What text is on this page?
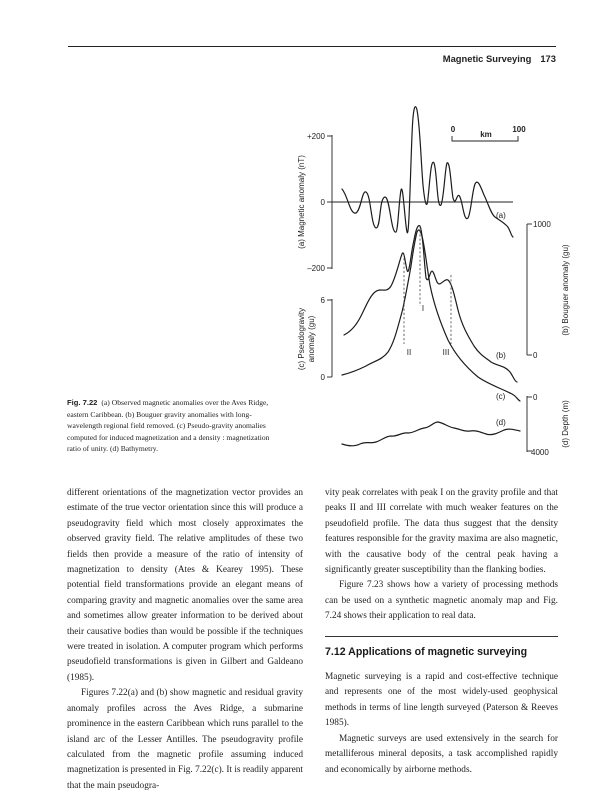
Magnetic Surveying 173
0
km
100
+200
0
–200
6
0
1000
0
0
4000
(a) Magnetic anomaly (nT)
(c) Pseudogravity anomaly (gu)
(b) Bouguer anomaly (gu)
(d) Depth (m)
(a)
(b)
(c)
(d)
I
II	III
Fig. 7.22 (a) Observed magnetic anomalies over the Aves Ridge, eastern Caribbean. (b) Bouguer gravity anomalies with long-wavelength regional field removed. (c) Pseudo-gravity anomalies computed for induced magnetization and a density : magnetization ratio of unity. (d) Bathymetry.

different orientations of the magnetization vector provides an estimate of the true vector orientation since this will produce a pseudogravity field which most closely approximates the observed gravity field. The relative amplitudes of these two fields then provide a measure of the ratio of intensity of magnetization to density (Ates & Kearey 1995). These potential field transformations provide an elegant means of comparing gravity and magnetic anomalies over the same area and sometimes allow greater information to be derived about their causative bodies than would be possible if the techniques were treated in isolation. A computer program which performs pseudofield transformations is given in Gilbert and Galdeano (1985).

Figures 7.22(a) and (b) show magnetic and residual gravity anomaly profiles across the Aves Ridge, a submarine prominence in the eastern Caribbean which runs parallel to the island arc of the Lesser Antilles. The pseudogravity profile calculated from the magnetic profile assuming induced magnetization is presented in Fig. 7.22(c). It is readily apparent that the main pseudogra-

vity peak correlates with peak I on the gravity profile and that peaks II and III correlate with much weaker features on the pseudofield profile. The data thus suggest that the density features responsible for the gravity maxima are also magnetic, with the causative body of the central peak having a significantly greater susceptibility than the flanking bodies.

Figure 7.23 shows how a variety of processing methods can be used on a synthetic magnetic anomaly map and Fig. 7.24 shows their application to real data.

7.12 Applications of magnetic surveying

Magnetic surveying is a rapid and cost-effective technique and represents one of the most widely-used geophysical methods in terms of line length surveyed (Paterson & Reeves 1985).

Magnetic surveys are used extensively in the search for metalliferous mineral deposits, a task accomplished rapidly and economically by airborne methods.
